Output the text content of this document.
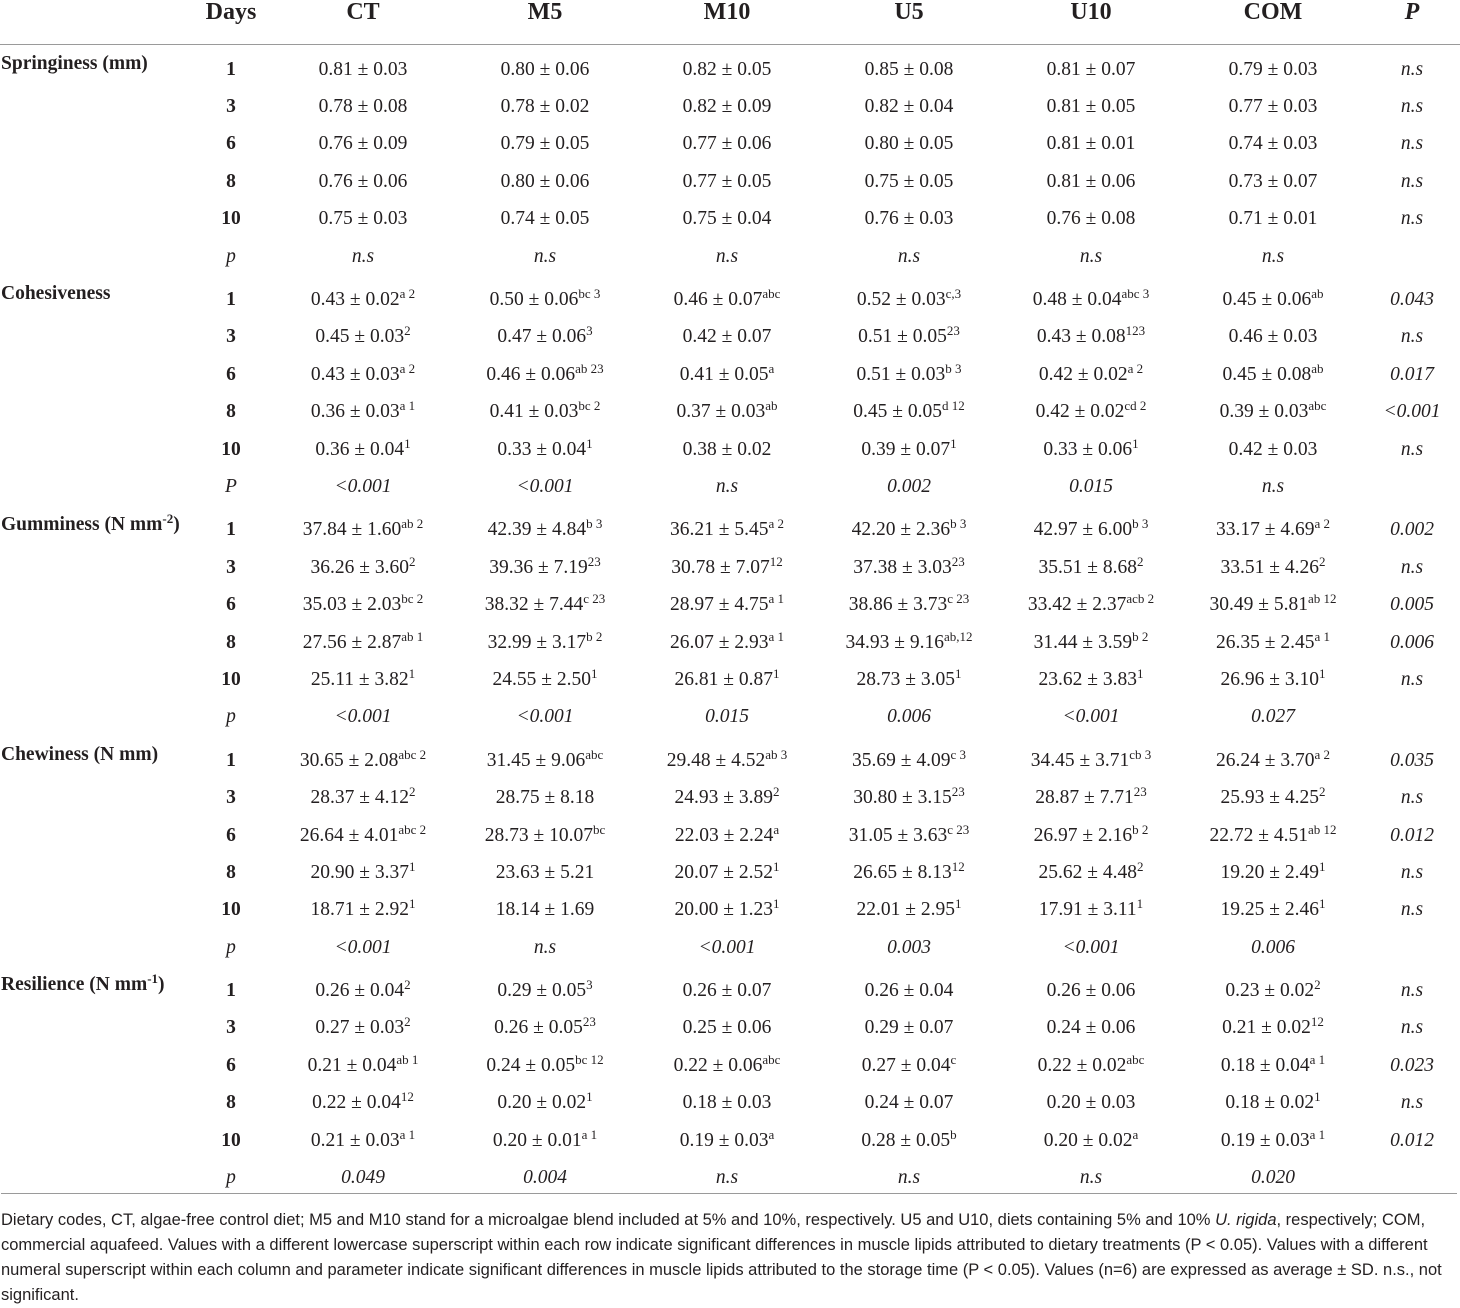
	Days	CT	M5	M10	U5	U10	COM	P
Springiness (mm)	1	0.81 ± 0.03	0.80 ± 0.06	0.82 ± 0.05	0.85 ± 0.08	0.81 ± 0.07	0.79 ± 0.03	n.s
	3	0.78 ± 0.08	0.78 ± 0.02	0.82 ± 0.09	0.82 ± 0.04	0.81 ± 0.05	0.77 ± 0.03	n.s
	6	0.76 ± 0.09	0.79 ± 0.05	0.77 ± 0.06	0.80 ± 0.05	0.81 ± 0.01	0.74 ± 0.03	n.s
	8	0.76 ± 0.06	0.80 ± 0.06	0.77 ± 0.05	0.75 ± 0.05	0.81 ± 0.06	0.73 ± 0.07	n.s
	10	0.75 ± 0.03	0.74 ± 0.05	0.75 ± 0.04	0.76 ± 0.03	0.76 ± 0.08	0.71 ± 0.01	n.s
	p	n.s	n.s	n.s	n.s	n.s	n.s	
Cohesiveness	1	$0.43 \pm 0.02^{a 2}$	$0.50 \pm 0.06^{bc 3}$	0.46 ± 0.07$^{abc}$	$0.52 \pm 0.03^{c,3}$	$0.48 \pm 0.04^{abc 3}$	0.45 ± 0.06$^{ab}$	0.043
	3	$0.45 \pm 0.03^2$	$0.47 \pm 0.06^3$	0.42 ± 0.07	$0.51 \pm 0.05^{23}$	$0.43 \pm 0.08^{123}$	0.46 ± 0.03	n.s
	6	$0.43 \pm 0.03^{a 2}$	$0.46 \pm 0.06^{ab 23}$	0.41 ± 0.05$^a$	$0.51 \pm 0.03^{b 3}$	$0.42 \pm 0.02^{a 2}$	0.45 ± 0.08$^{ab}$	0.017
	8	$0.36 \pm 0.03^{a 1}$	$0.41 \pm 0.03^{bc 2}$	0.37 ± 0.03$^{ab}$	$0.45 \pm 0.05^{d 12}$	$0.42 \pm 0.02^{cd 2}$	0.39 ± 0.03$^{abc}$	<0.001
	10	$0.36 \pm 0.04^1$	$0.33 \pm 0.04^1$	0.38 ± 0.02	$0.39 \pm 0.07^1$	$0.33 \pm 0.06^1$	0.42 ± 0.03	n.s
	P	<0.001	<0.001	n.s	0.002	0.015	n.s	
Gumminess (N $mm^{-2}$)	1	$37.84 \pm 1.60^{ab 2}$	$42.39 \pm 4.84^{b 3}$	$36.21 \pm 5.45^{a 2}$	$42.20 \pm 2.36^{b 3}$	$42.97 \pm 6.00^{b 3}$	$33.17 \pm 4.69^{a 2}$	0.002
	3	$36.26 \pm 3.60^2$	$39.36 \pm 7.19^{23}$	$30.78 \pm 7.07^{12}$	$37.38 \pm 3.03^{23}$	$35.51 \pm 8.68^2$	$33.51 \pm 4.26^2$	n.s
	6	$35.03 \pm 2.03^{bc 2}$	$38.32 \pm 7.44^{c 23}$	$28.97 \pm 4.75^{a 1}$	$38.86 \pm 3.73^{c 23}$	$33.42 \pm 2.37^{acb 2}$	$30.49 \pm 5.81^{ab 12}$	0.005
	8	$27.56 \pm 2.87^{ab 1}$	$32.99 \pm 3.17^{b 2}$	$26.07 \pm 2.93^{a 1}$	$34.93 \pm 9.16^{ab,12}$	$31.44 \pm 3.59^{b 2}$	$26.35 \pm 2.45^{a 1}$	0.006
	10	$25.11 \pm 3.82^1$	$24.55 \pm 2.50^1$	$26.81 \pm 0.87^1$	$28.73 \pm 3.05^1$	$23.62 \pm 3.83^1$	$26.96 \pm 3.10^1$	n.s
	p	<0.001	<0.001	0.015	0.006	<0.001	0.027	
Chewiness (N mm)	1	$30.65 \pm 2.08^{abc 2}$	31.45 ± 9.06$^{abc}$	$29.48 \pm 4.52^{ab 3}$	$35.69 \pm 4.09^{c 3}$	$34.45 \pm 3.71^{cb 3}$	$26.24 \pm 3.70^{a 2}$	0.035
	3	$28.37 \pm 4.12^2$	28.75 ± 8.18	$24.93 \pm 3.89^2$	$30.80 \pm 3.15^{23}$	$28.87 \pm 7.71^{23}$	$25.93 \pm 4.25^2$	n.s
	6	$26.64 \pm 4.01^{abc 2}$	28.73 ± 10.07$^{bc}$	22.03 ± 2.24$^a$	$31.05 \pm 3.63^{c 23}$	$26.97 \pm 2.16^{b 2}$	$22.72 \pm 4.51^{ab 12}$	0.012
	8	$20.90 \pm 3.37^1$	23.63 ± 5.21	$20.07 \pm 2.52^1$	$26.65 \pm 8.13^{12}$	$25.62 \pm 4.48^2$	$19.20 \pm 2.49^1$	n.s
	10	$18.71 \pm 2.92^1$	18.14 ± 1.69	$20.00 \pm 1.23^1$	$22.01 \pm 2.95^1$	$17.91 \pm 3.11^1$	$19.25 \pm 2.46^1$	n.s
	p	<0.001	n.s	<0.001	0.003	<0.001	0.006	
Resilience (N $mm^{-1}$)	1	$0.26 \pm 0.04^2$	$0.29 \pm 0.05^3$	0.26 ± 0.07	0.26 ± 0.04	0.26 ± 0.06	$0.23 \pm 0.02^2$	n.s
	3	$0.27 \pm 0.03^2$	$0.26 \pm 0.05^{23}$	0.25 ± 0.06	0.29 ± 0.07	0.24 ± 0.06	$0.21 \pm 0.02^{12}$	n.s
	6	$0.21 \pm 0.04^{ab 1}$	$0.24 \pm 0.05^{bc 12}$	0.22 ± 0.06$^{abc}$	0.27 ± 0.04$^c$	0.22 ± 0.02$^{abc}$	$0.18 \pm 0.04^{a 1}$	0.023
	8	$0.22 \pm 0.04^{12}$	$0.20 \pm 0.02^1$	0.18 ± 0.03	0.24 ± 0.07	0.20 ± 0.03	$0.18 \pm 0.02^1$	n.s
	10	$0.21 \pm 0.03^{a 1}$	$0.20 \pm 0.01^{a 1}$	0.19 ± 0.03$^a$	0.28 ± 0.05$^b$	0.20 ± 0.02$^a$	$0.19 \pm 0.03^{a 1}$	0.012
	p	0.049	0.004	n.s	n.s	n.s	0.020	
Dietary codes, CT, algae-free control diet; M5 and M10 stand for a microalgae blend included at 5% and 10%, respectively. U5 and U10, diets containing 5% and 10% U. rigida, respectively; COM, commercial aquafeed. Values with a different lowercase superscript within each row indicate significant differences in muscle lipids attributed to dietary treatments (P < 0.05). Values with a different numeral superscript within each column and parameter indicate significant differences in muscle lipids attributed to the storage time (P < 0.05). Values (n=6) are expressed as average ± SD. n.s., not significant.
